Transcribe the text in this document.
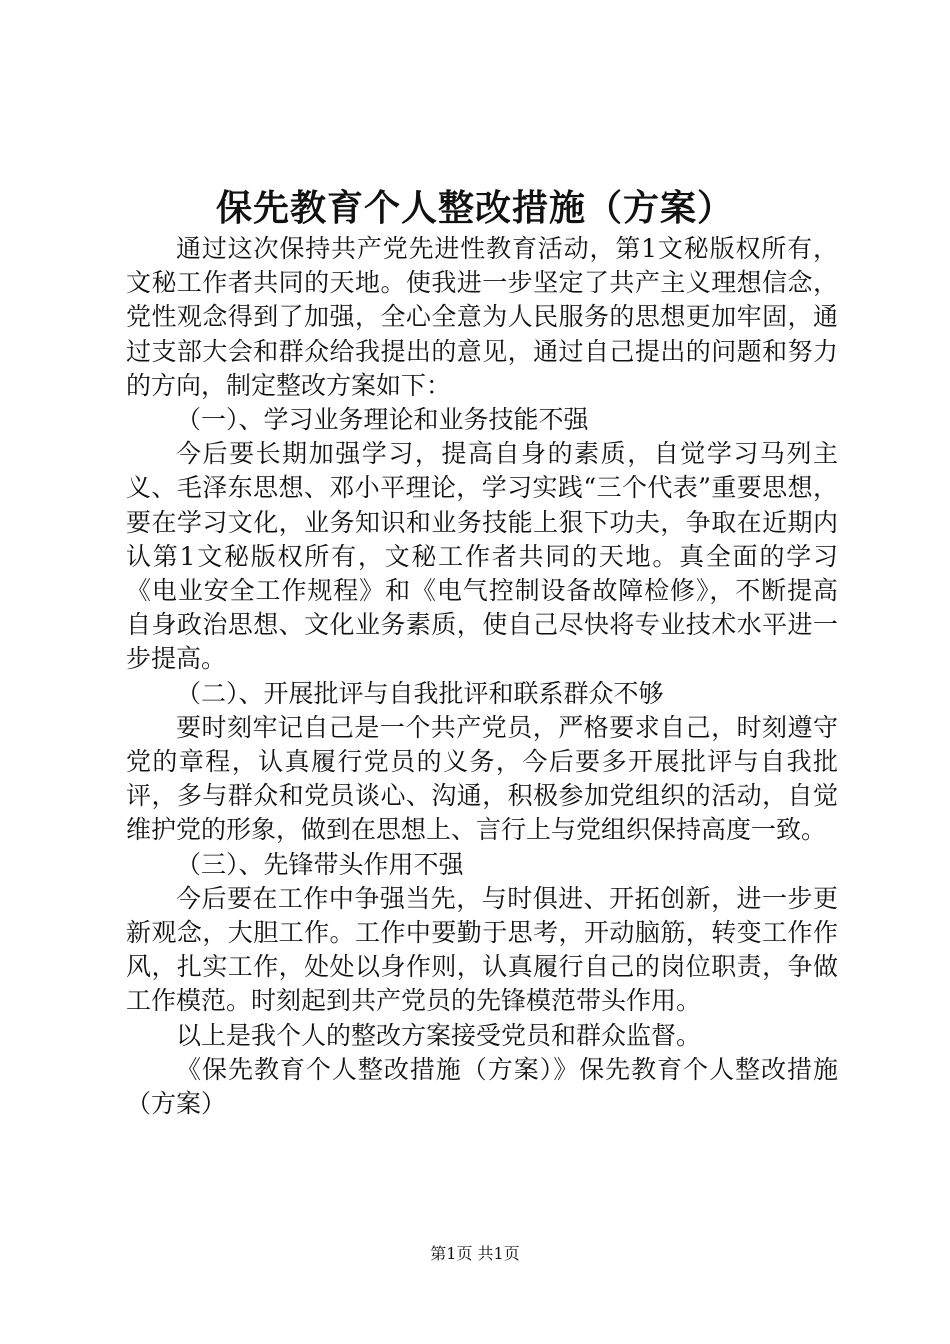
保先教育个人整改措施（方案）

通过这次保持共产党先进性教育活动，第1文秘版权所有，文秘工作者共同的天地。使我进一步坚定了共产主义理想信念，党性观念得到了加强，全心全意为人民服务的思想更加牢固，通过支部大会和群众给我提出的意见，通过自己提出的问题和努力的方向，制定整改方案如下：

（一）、学习业务理论和业务技能不强

今后要长期加强学习，提高自身的素质，自觉学习马列主义、毛泽东思想、邓小平理论，学习实践“三个代表”重要思想，要在学习文化，业务知识和业务技能上狠下功夫，争取在近期内认第1文秘版权所有，文秘工作者共同的天地。真全面的学习《电业安全工作规程》和《电气控制设备故障检修》，不断提高自身政治思想、文化业务素质，使自己尽快将专业技术水平进一步提高。

（二）、开展批评与自我批评和联系群众不够

要时刻牢记自己是一个共产党员，严格要求自己，时刻遵守党的章程，认真履行党员的义务，今后要多开展批评与自我批评，多与群众和党员谈心、沟通，积极参加党组织的活动，自觉维护党的形象，做到在思想上、言行上与党组织保持高度一致。

（三）、先锋带头作用不强

今后要在工作中争强当先，与时俱进、开拓创新，进一步更新观念，大胆工作。工作中要勤于思考，开动脑筋，转变工作作风，扎实工作，处处以身作则，认真履行自己的岗位职责，争做工作模范。时刻起到共产党员的先锋模范带头作用。

以上是我个人的整改方案接受党员和群众监督。

《保先教育个人整改措施（方案）》保先教育个人整改措施（方案）

第1页 共1页
